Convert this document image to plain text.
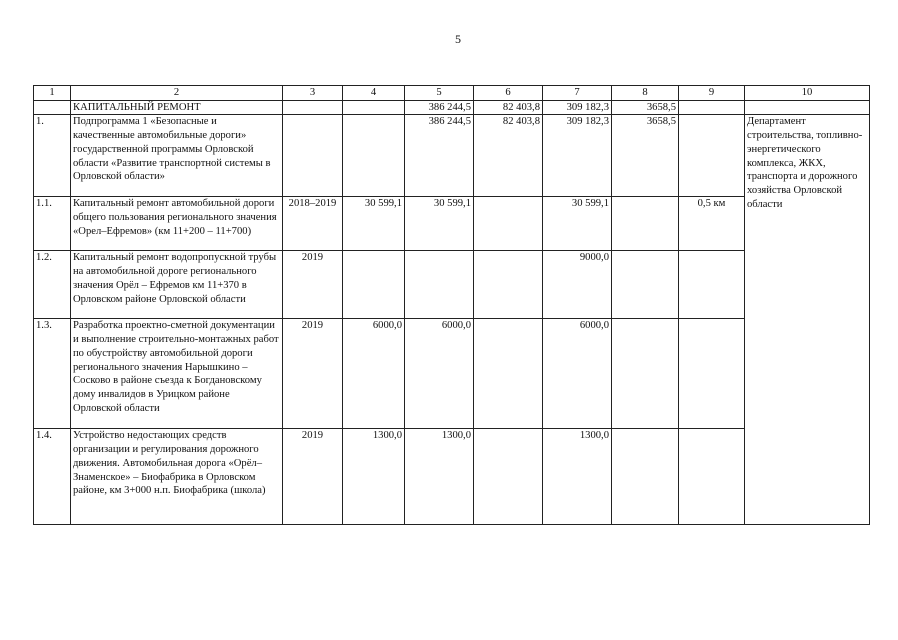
5
1	2	3	4	5	6	7	8	9	10
	КАПИТАЛЬНЫЙ РЕМОНТ			386 244,5	82 403,8	309 182,3	3658,5		
1.	Подпрограмма 1 «Безопасные и качественные автомобильные дороги» государственной программы Орловской области «Развитие транспортной системы в Орловской области»			386 244,5	82 403,8	309 182,3	3658,5		Департамент строительства, топливно-энергетического комплекса, ЖКХ, транспорта и дорожного хозяйства Орловской области
1.1.	Капитальный ремонт автомобильной дороги общего пользования регионального значения «Орел–Ефремов» (км 11+200 – 11+700)	2018–2019	30 599,1	30 599,1		30 599,1		0,5 км	
1.2.	Капитальный ремонт водопропускной трубы на автомобильной дороге регионального значения Орёл – Ефремов км 11+370 в Орловском районе Орловской области	2019				9000,0			
1.3.	Разработка проектно-сметной документации и выполнение строительно-монтажных работ по обустройству автомобильной дороги регионального значения Нарышкино – Сосково в районе съезда к Богдановскому дому инвалидов в Урицком районе Орловской области	2019	6000,0	6000,0		6000,0			
1.4.	Устройство недостающих средств организации и регулирования дорожного движения. Автомобильная дорога «Орёл–Знаменское» – Биофабрика в Орловском районе, км 3+000 н.п. Биофабрика (школа)	2019	1300,0	1300,0		1300,0			
